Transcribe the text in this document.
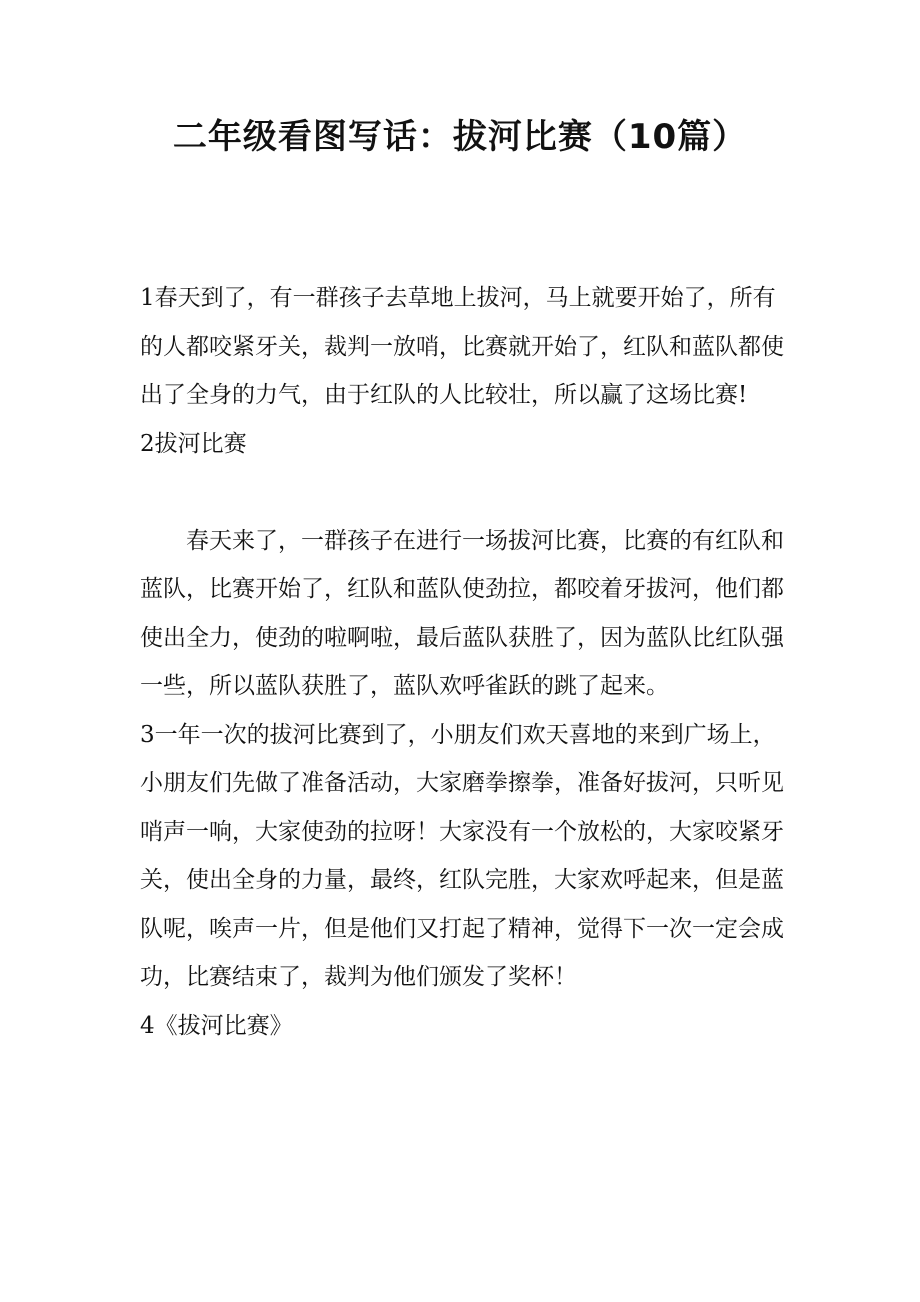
二年级看图写话：拔河比赛（10篇）

1春天到了，有一群孩子去草地上拔河，马上就要开始了，所有的人都咬紧牙关，裁判一放哨，比赛就开始了，红队和蓝队都使出了全身的力气，由于红队的人比较壮，所以赢了这场比赛!

2拔河比赛

春天来了，一群孩子在进行一场拔河比赛，比赛的有红队和蓝队，比赛开始了，红队和蓝队使劲拉，都咬着牙拔河，他们都使出全力，使劲的啦啊啦，最后蓝队获胜了，因为蓝队比红队强一些，所以蓝队获胜了，蓝队欢呼雀跃的跳了起来。

3一年一次的拔河比赛到了，小朋友们欢天喜地的来到广场上，小朋友们先做了准备活动，大家磨拳擦拳，准备好拔河，只听见哨声一响，大家使劲的拉呀！大家没有一个放松的，大家咬紧牙关，使出全身的力量，最终，红队完胜，大家欢呼起来，但是蓝队呢，唉声一片，但是他们又打起了精神，觉得下一次一定会成功，比赛结束了，裁判为他们颁发了奖杯！

4《拔河比赛》
